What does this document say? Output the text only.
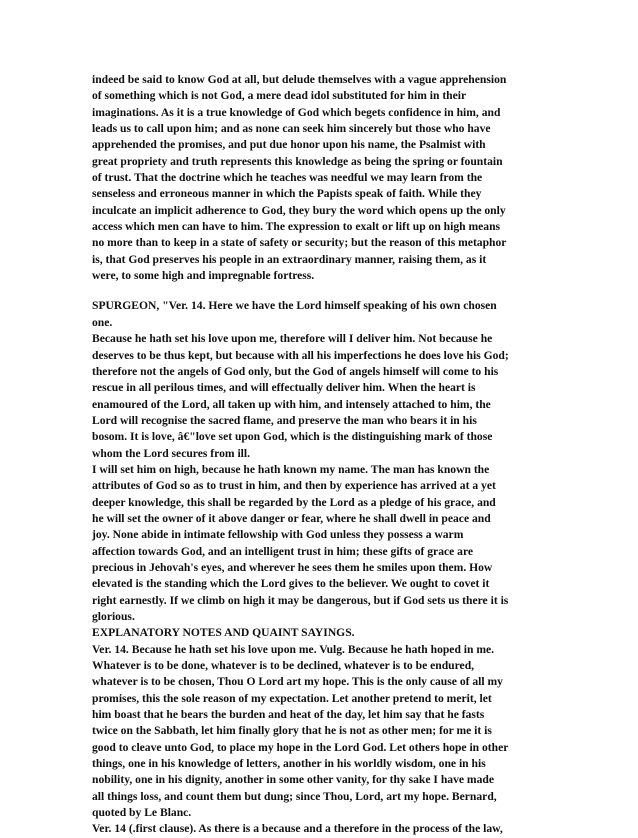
indeed be said to know God at all, but delude themselves with a vague apprehension
of something which is not God, a mere dead idol substituted for him in their
imaginations. As it is a true knowledge of God which begets confidence in him, and
leads us to call upon him; and as none can seek him sincerely but those who have
apprehended the promises, and put due honor upon his name, the Psalmist with
great propriety and truth represents this knowledge as being the spring or fountain
of trust. That the doctrine which he teaches was needful we may learn from the
senseless and erroneous manner in which the Papists speak of faith. While they
inculcate an implicit adherence to God, they bury the word which opens up the only
access which men can have to him. The expression to exalt or lift up on high means
no more than to keep in a state of safety or security; but the reason of this metaphor
is, that God preserves his people in an extraordinary manner, raising them, as it
were, to some high and impregnable fortress.
SPURGEON, "Ver. 14. Here we have the Lord himself speaking of his own chosen
one.
Because he hath set his love upon me, therefore will I deliver him. Not because he
deserves to be thus kept, but because with all his imperfections he does love his God;
therefore not the angels of God only, but the God of angels himself will come to his
rescue in all perilous times, and will effectually deliver him. When the heart is
enamoured of the Lord, all taken up with him, and intensely attached to him, the
Lord will recognise the sacred flame, and preserve the man who bears it in his
bosom. It is love, â€"love set upon God, which is the distinguishing mark of those
whom the Lord secures from ill.
I will set him on high, because he hath known my name. The man has known the
attributes of God so as to trust in him, and then by experience has arrived at a yet
deeper knowledge, this shall be regarded by the Lord as a pledge of his grace, and
he will set the owner of it above danger or fear, where he shall dwell in peace and
joy. None abide in intimate fellowship with God unless they possess a warm
affection towards God, and an intelligent trust in him; these gifts of grace are
precious in Jehovah's eyes, and wherever he sees them he smiles upon them. How
elevated is the standing which the Lord gives to the believer. We ought to covet it
right earnestly. If we climb on high it may be dangerous, but if God sets us there it is
glorious.
EXPLANATORY NOTES AND QUAINT SAYINGS.
Ver. 14. Because he hath set his love upon me. Vulg. Because he hath hoped in me.
Whatever is to be done, whatever is to be declined, whatever is to be endured,
whatever is to be chosen, Thou O Lord art my hope. This is the only cause of all my
promises, this the sole reason of my expectation. Let another pretend to merit, let
him boast that he bears the burden and heat of the day, let him say that he fasts
twice on the Sabbath, let him finally glory that he is not as other men; for me it is
good to cleave unto God, to place my hope in the Lord God. Let others hope in other
things, one in his knowledge of letters, another in his worldly wisdom, one in his
nobility, one in his dignity, another in some other vanity, for thy sake I have made
all things loss, and count them but dung; since Thou, Lord, art my hope. Bernard,
quoted by Le Blanc.
Ver. 14 (.first clause). As there is a because and a therefore in the process of the law,
